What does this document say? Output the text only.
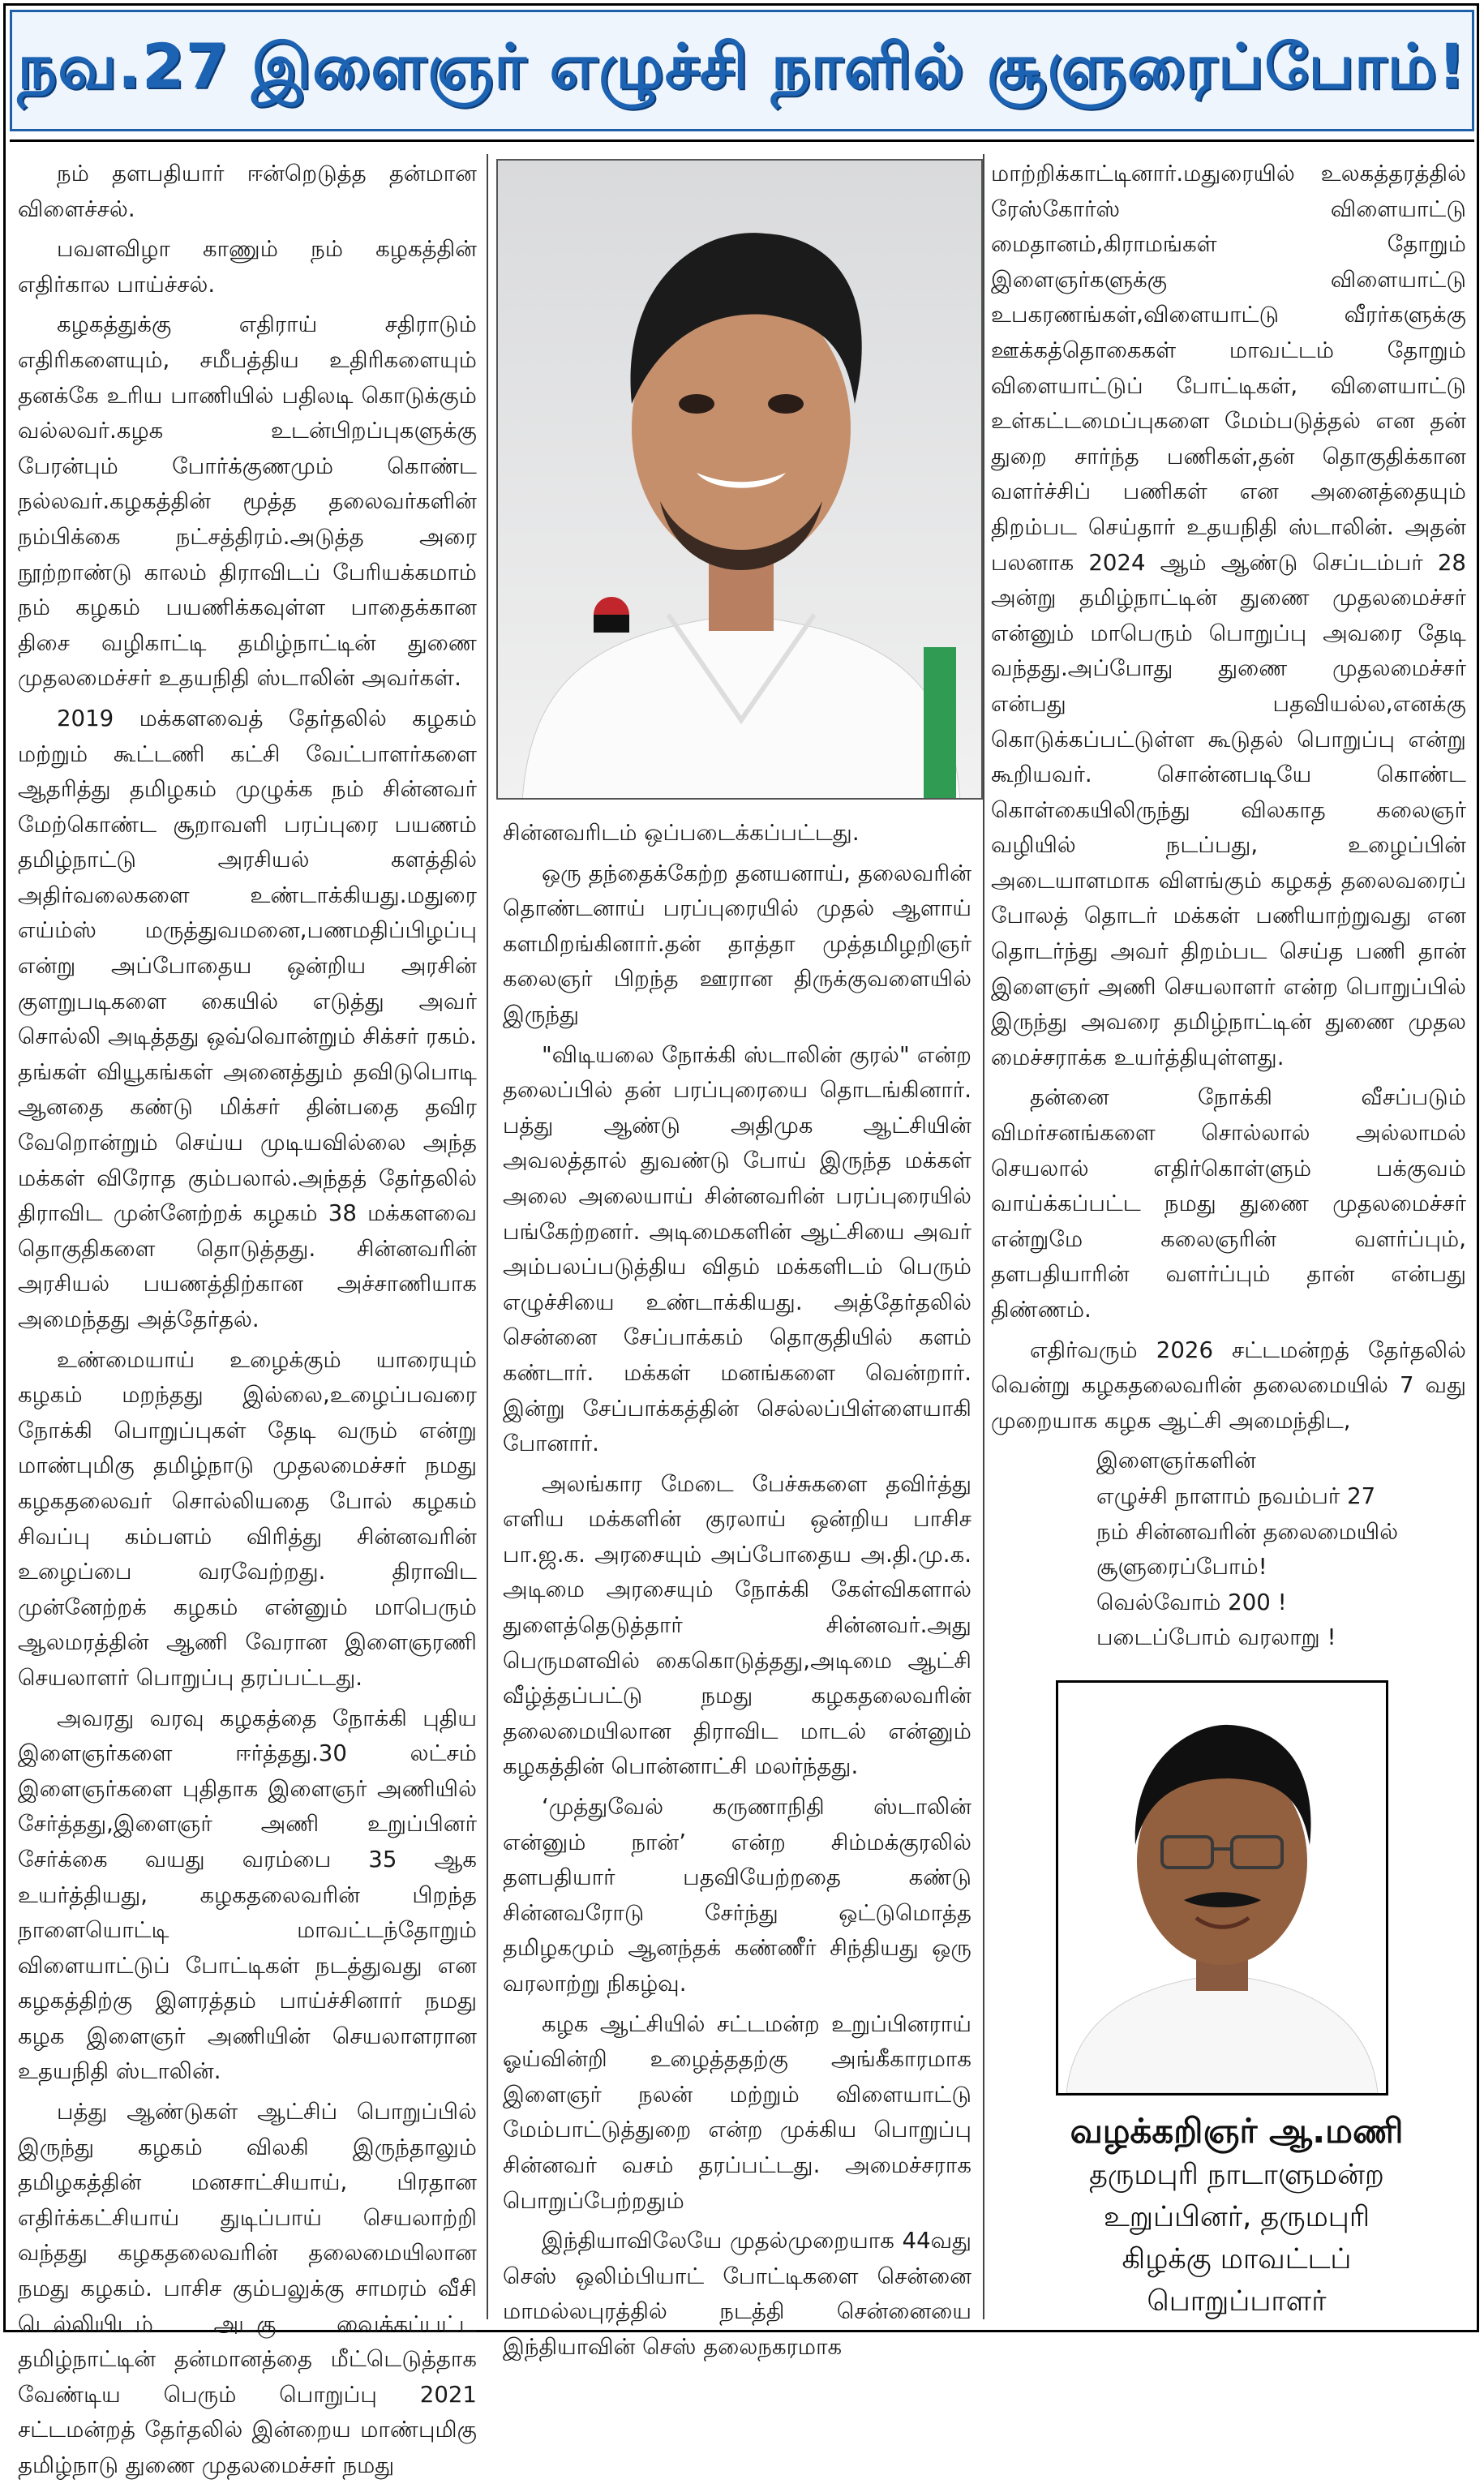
நவ.27 இளைஞர் எழுச்சி நாளில் சூளுரைப்போம்!

நம் தளபதியார் ஈன்றெடுத்த தன்மான விளைச்சல்.

பவளவிழா காணும் நம் கழகத்தின் எதிர்கால பாய்ச்சல்.

கழகத்துக்கு எதிராய் சதிராடும் எதிரிகளையும், சமீபத்திய உதிரிகளையும் தனக்கே உரிய பாணியில் பதிலடி கொடுக்கும் வல்லவர்.கழக உடன்பிறப்புகளுக்கு பேரன்பும் போர்க்குணமும் கொண்ட நல்லவர்.கழகத்தின் மூத்த தலைவர்களின் நம்பிக்கை நட்சத்திரம்.அடுத்த அரை நூற்றாண்டு காலம் திராவிடப் பேரியக்கமாம் நம் கழகம் பயணிக்கவுள்ள பாதைக்கான திசை வழிகாட்டி தமிழ்நாட்டின் துணை முதலமைச்சர் உதயநிதி ஸ்டாலின் அவர்கள்.

2019 மக்களவைத் தேர்தலில் கழகம் மற்றும் கூட்டணி கட்சி வேட்பாளர்களை ஆதரித்து தமிழகம் முழுக்க நம் சின்னவர் மேற்கொண்ட சூறாவளி பரப்புரை பயணம் தமிழ்நாட்டு அரசியல் களத்தில் அதிர்வலைகளை உண்டாக்கியது.மதுரை எய்ம்ஸ் மருத்துவமனை,பணமதிப்பிழப்பு என்று அப்போதைய ஒன்றிய அரசின் குளறுபடிகளை கையில் எடுத்து அவர் சொல்லி அடித்தது ஒவ்வொன்றும் சிக்சர் ரகம். தங்கள் வியூகங்கள் அனைத்தும் தவிடுபொடி ஆனதை கண்டு மிக்சர் தின்பதை தவிர வேறொன்றும் செய்ய முடியவில்லை அந்த மக்கள் விரோத கும்பலால்.அந்தத் தேர்தலில் திராவிட முன்னேற்றக் கழகம் 38 மக்களவை தொகுதிகளை தொடுத்தது. சின்னவரின் அரசியல் பயணத்திற்கான அச்சாணியாக அமைந்தது அத்தேர்தல்.

உண்மையாய் உழைக்கும் யாரையும் கழகம் மறந்தது இல்லை,உழைப்பவரை நோக்கி பொறுப்புகள் தேடி வரும் என்று மாண்புமிகு தமிழ்நாடு முதலமைச்சர் நமது கழகதலைவர் சொல்லியதை போல் கழகம் சிவப்பு கம்பளம் விரித்து சின்னவரின் உழைப்பை வரவேற்றது. திராவிட முன்னேற்றக் கழகம் என்னும் மாபெரும் ஆலமரத்தின் ஆணி வேரான இளைஞரணி செயலாளர் பொறுப்பு தரப்பட்டது.

அவரது வரவு கழகத்தை நோக்கி புதிய இளைஞர்களை ஈர்த்தது.30 லட்சம் இளைஞர்களை புதிதாக இளைஞர் அணியில் சேர்த்தது,இளைஞர் அணி உறுப்பினர் சேர்க்கை வயது வரம்பை 35 ஆக உயர்த்தியது, கழகதலைவரின் பிறந்த நாளையொட்டி மாவட்டந்தோறும் விளையாட்டுப் போட்டிகள் நடத்துவது என கழகத்திற்கு இளரத்தம் பாய்ச்சினார் நமது கழக இளைஞர் அணியின் செயலாளரான உதயநிதி ஸ்டாலின்.

பத்து ஆண்டுகள் ஆட்சிப் பொறுப்பில் இருந்து கழகம் விலகி இருந்தாலும் தமிழகத்தின் மனசாட்சியாய், பிரதான எதிர்க்கட்சியாய் துடிப்பாய் செயலாற்றி வந்தது கழகதலைவரின் தலைமையிலான நமது கழகம். பாசிச கும்பலுக்கு சாமரம் வீசி டெல்லியிடம் அடகு வைக்கப்பட்ட தமிழ்நாட்டின் தன்மானத்தை மீட்டெடுத்தாக வேண்டிய பெரும் பொறுப்பு 2021 சட்டமன்றத் தேர்தலில் இன்றைய மாண்புமிகு தமிழ்நாடு துணை முதலமைச்சர் நமது

சின்னவரிடம் ஒப்படைக்கப்பட்டது.

ஒரு தந்தைக்கேற்ற தனயனாய், தலைவரின் தொண்டனாய் பரப்புரையில் முதல் ஆளாய் களமிறங்கினார்.தன் தாத்தா முத்தமிழறிஞர் கலைஞர் பிறந்த ஊரான திருக்குவளையில் இருந்து

"விடியலை நோக்கி ஸ்டாலின் குரல்" என்ற தலைப்பில் தன் பரப்புரையை தொடங்கினார். பத்து ஆண்டு அதிமுக ஆட்சியின் அவலத்தால் துவண்டு போய் இருந்த மக்கள் அலை அலையாய் சின்னவரின் பரப்புரையில் பங்கேற்றனர். அடிமைகளின் ஆட்சியை அவர் அம்பலப்படுத்திய விதம் மக்களிடம் பெரும் எழுச்சியை உண்டாக்கியது. அத்தேர்தலில் சென்னை சேப்பாக்கம் தொகுதியில் களம் கண்டார். மக்கள் மனங்களை வென்றார். இன்று சேப்பாக்கத்தின் செல்லப்பிள்ளையாகி போனார்.

அலங்கார மேடை பேச்சுகளை தவிர்த்து எளிய மக்களின் குரலாய் ஒன்றிய பாசிச பா.ஜ.க. அரசையும் அப்போதைய அ.தி.மு.க. அடிமை அரசையும் நோக்கி கேள்விகளால் துளைத்தெடுத்தார் சின்னவர்.அது பெருமளவில் கைகொடுத்தது,அடிமை ஆட்சி வீழ்த்தப்பட்டு நமது கழகதலைவரின் தலைமையிலான திராவிட மாடல் என்னும் கழகத்தின் பொன்னாட்சி மலர்ந்தது.

‘முத்துவேல் கருணாநிதி ஸ்டாலின் என்னும் நான்’ என்ற சிம்மக்குரலில் தளபதியார் பதவியேற்றதை கண்டு சின்னவரோடு சேர்ந்து ஒட்டுமொத்த தமிழகமும் ஆனந்தக் கண்ணீர் சிந்தியது ஒரு வரலாற்று நிகழ்வு.

கழக ஆட்சியில் சட்டமன்ற உறுப்பினராய் ஓய்வின்றி உழைத்ததற்கு அங்கீகாரமாக இளைஞர் நலன் மற்றும் விளையாட்டு மேம்பாட்டுத்துறை என்ற முக்கிய பொறுப்பு சின்னவர் வசம் தரப்பட்டது. அமைச்சராக பொறுப்பேற்றதும்

இந்தியாவிலேயே முதல்முறையாக 44வது செஸ் ஒலிம்பியாட் போட்டிகளை சென்னை மாமல்லபுரத்தில் நடத்தி சென்னையை இந்தியாவின் செஸ் தலைநகரமாக

மாற்றிக்காட்டினார்.மதுரையில் உலகத்தரத்தில் ரேஸ்கோர்ஸ் விளையாட்டு மைதானம்,கிராமங்கள் தோறும் இளைஞர்களுக்கு விளையாட்டு உபகரணங்கள்,விளையாட்டு வீரர்களுக்கு ஊக்கத்தொகைகள் மாவட்டம் தோறும் விளையாட்டுப் போட்டிகள், விளையாட்டு உள்கட்டமைப்புகளை மேம்படுத்தல் என தன் துறை சார்ந்த பணிகள்,தன் தொகுதிக்கான வளர்ச்சிப் பணிகள் என அனைத்தையும் திறம்பட செய்தார் உதயநிதி ஸ்டாலின். அதன் பலனாக 2024 ஆம் ஆண்டு செப்டம்பர் 28 அன்று தமிழ்நாட்டின் துணை முதலமைச்சர் என்னும் மாபெரும் பொறுப்பு அவரை தேடி வந்தது.அப்போது துணை முதலமைச்சர் என்பது பதவியல்ல,எனக்கு கொடுக்கப்பட்டுள்ள கூடுதல் பொறுப்பு என்று கூறியவர். சொன்னபடியே கொண்ட கொள்கையிலிருந்து விலகாத கலைஞர் வழியில் நடப்பது, உழைப்பின் அடையாளமாக விளங்கும் கழகத் தலைவரைப் போலத் தொடர் மக்கள் பணியாற்றுவது என தொடர்ந்து அவர் திறம்பட செய்த பணி தான் இளைஞர் அணி செயலாளர் என்ற பொறுப்பில் இருந்து அவரை தமிழ்நாட்டின் துணை முதல மைச்சராக்க உயர்த்தியுள்ளது.

தன்னை நோக்கி வீசப்படும் விமர்சனங்களை சொல்லால் அல்லாமல் செயலால் எதிர்கொள்ளும் பக்குவம் வாய்க்கப்பட்ட நமது துணை முதலமைச்சர் என்றுமே கலைஞரின் வளர்ப்பும், தளபதியாரின் வளர்ப்பும் தான் என்பது திண்ணம்.

எதிர்வரும் 2026 சட்டமன்றத் தேர்தலில் வென்று கழகதலைவரின் தலைமையில் 7 வது முறையாக கழக ஆட்சி அமைந்திட,

இளைஞர்களின்

எழுச்சி நாளாம் நவம்பர் 27

நம் சின்னவரின் தலைமையில்

சூளுரைப்போம்!

வெல்வோம் 200 !

படைப்போம் வரலாறு !

வழக்கறிஞர் ஆ.மணி
தருமபுரி நாடாளுமன்ற
உறுப்பினர், தருமபுரி
கிழக்கு மாவட்டப்
பொறுப்பாளர்
